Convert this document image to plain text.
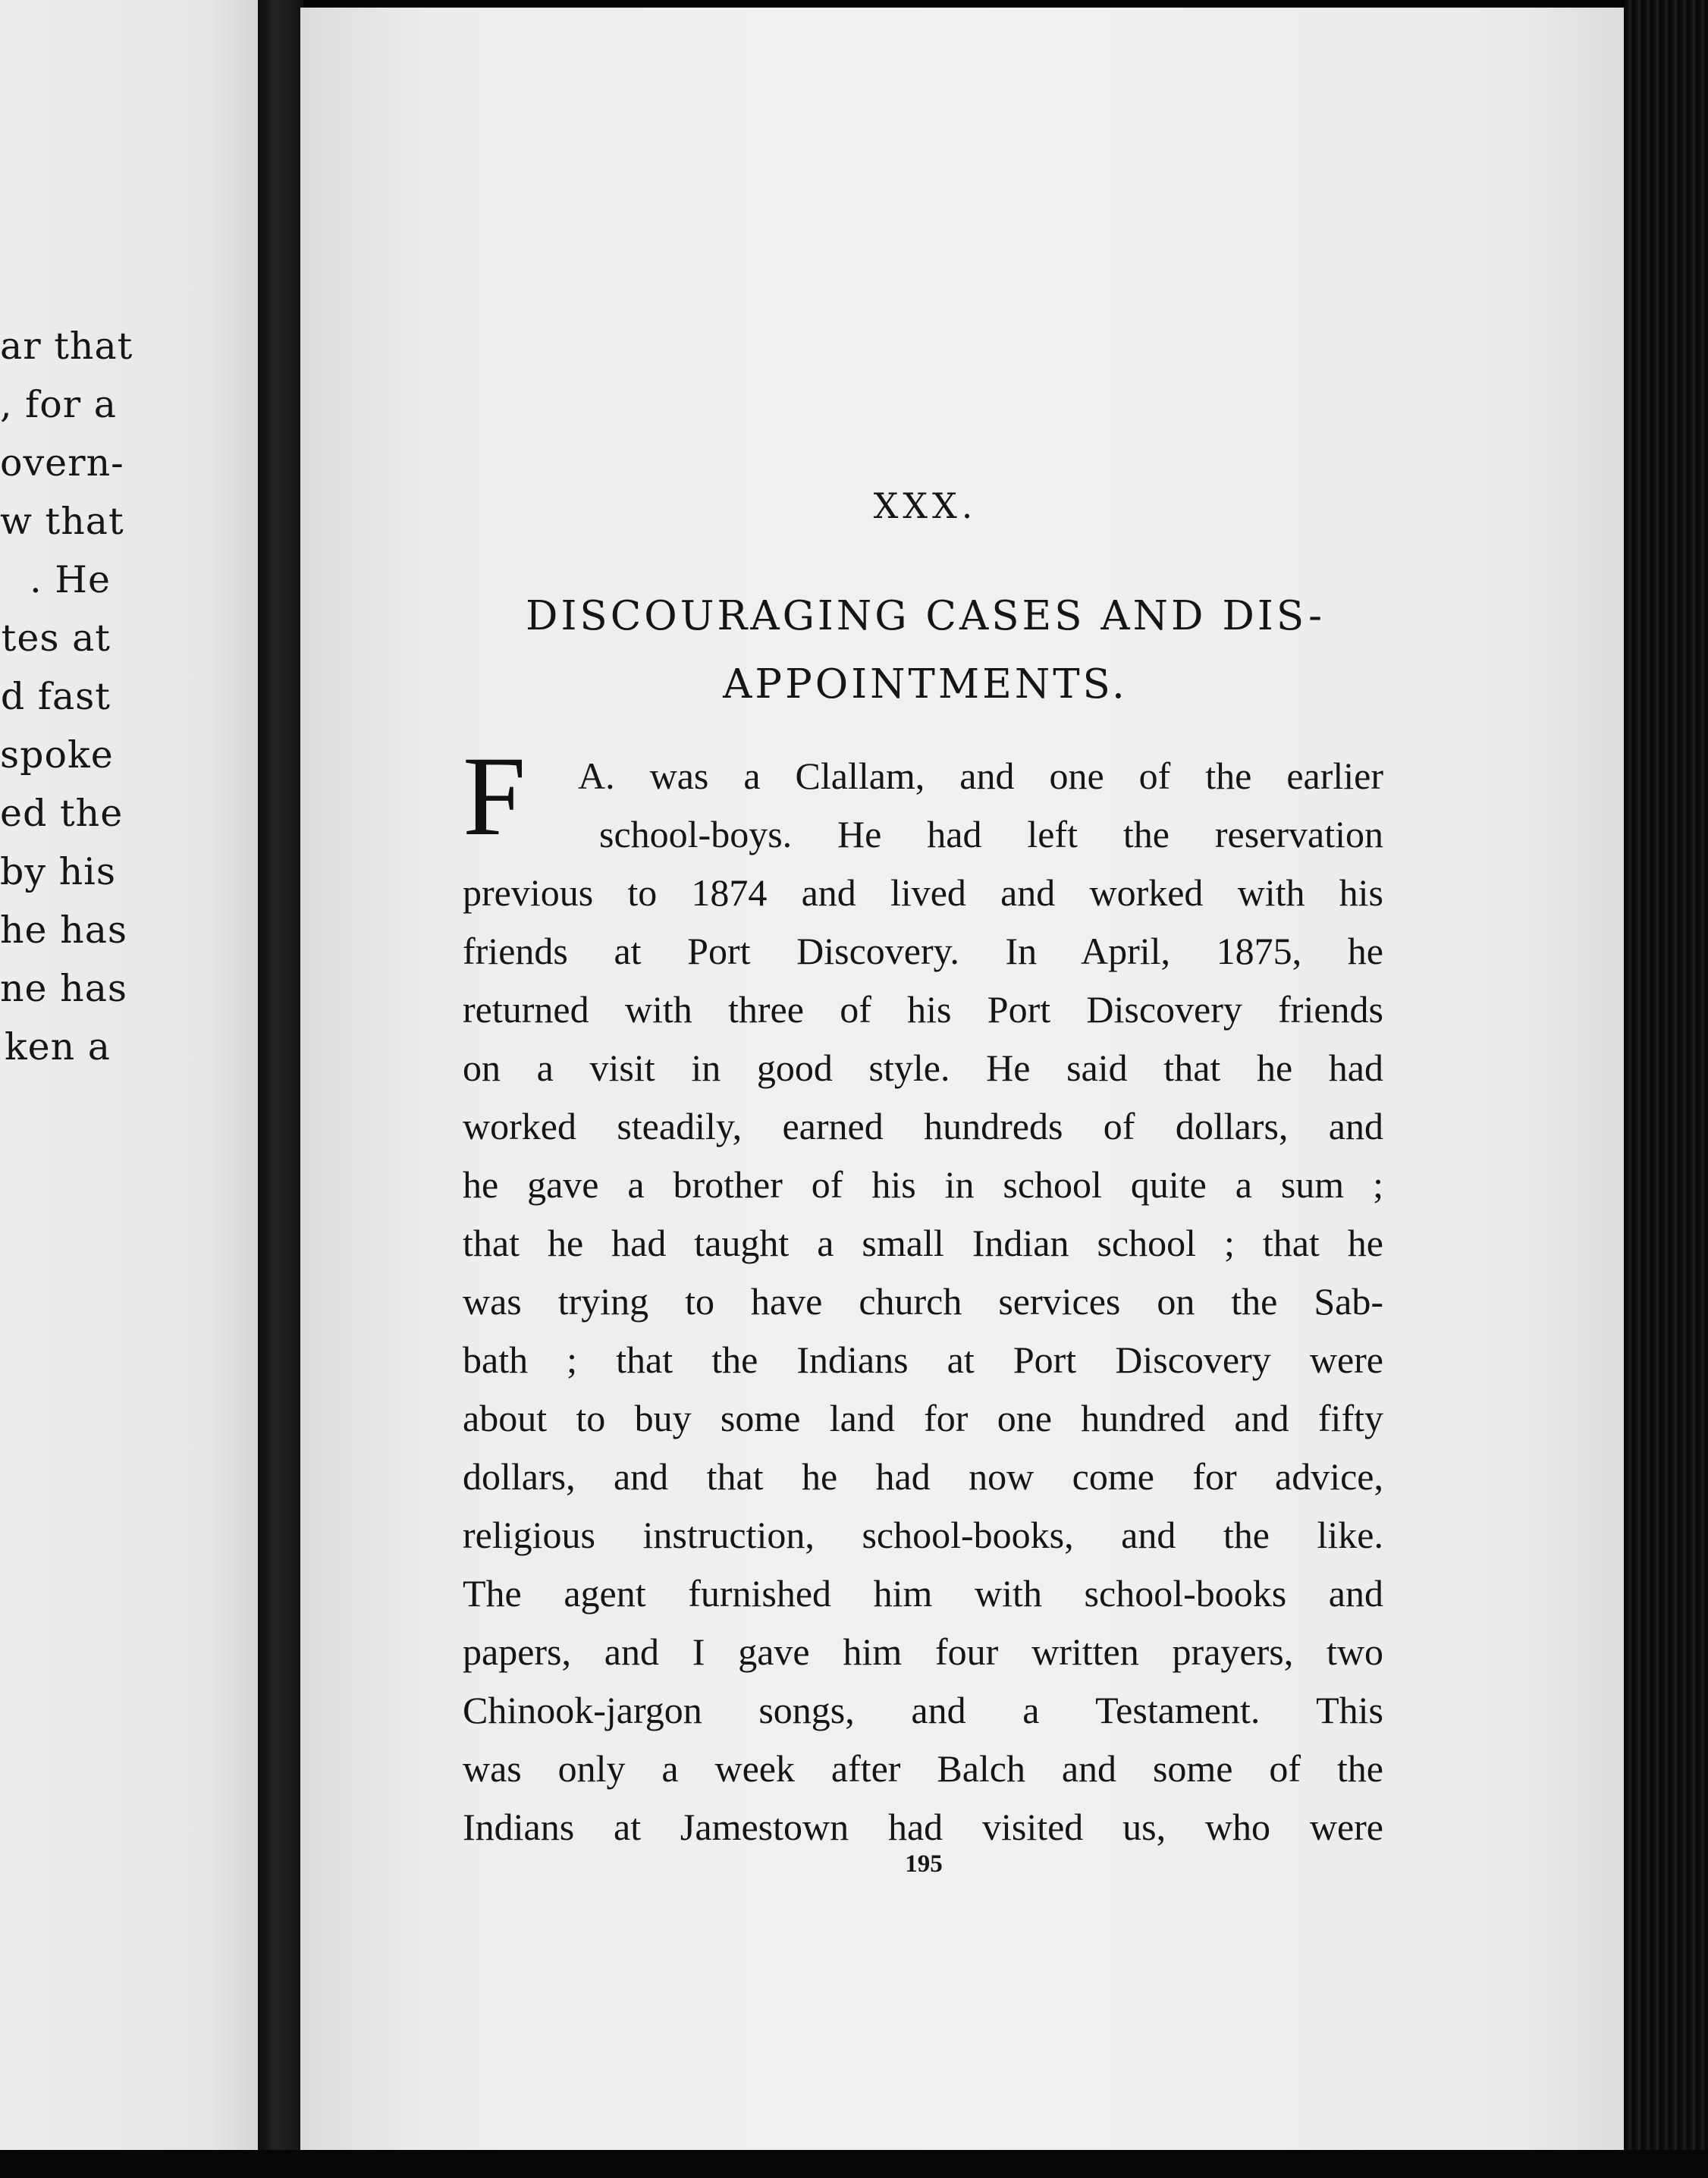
ar that
, for a
overn-
w that
. He
tes at
d fast
spoke
ed the
by his
he has
ne has
ken a
XXX.
DISCOURAGING CASES AND DIS-
APPOINTMENTS.
F	A. was a Clallam, and one of the earlier
school-boys. He had left the reservation
previous to 1874 and lived and worked with his
friends at Port Discovery. In April, 1875, he
returned with three of his Port Discovery friends
on a visit in good style. He said that he had
worked steadily, earned hundreds of dollars, and
he gave a brother of his in school quite a sum ;
that he had taught a small Indian school ; that he
was trying to have church services on the Sab-
bath ; that the Indians at Port Discovery were
about to buy some land for one hundred and fifty
dollars, and that he had now come for advice,
religious instruction, school-books, and the like.
The agent furnished him with school-books and
papers, and I gave him four written prayers, two
Chinook-jargon songs, and a Testament. This
was only a week after Balch and some of the
Indians at Jamestown had visited us, who were
195
